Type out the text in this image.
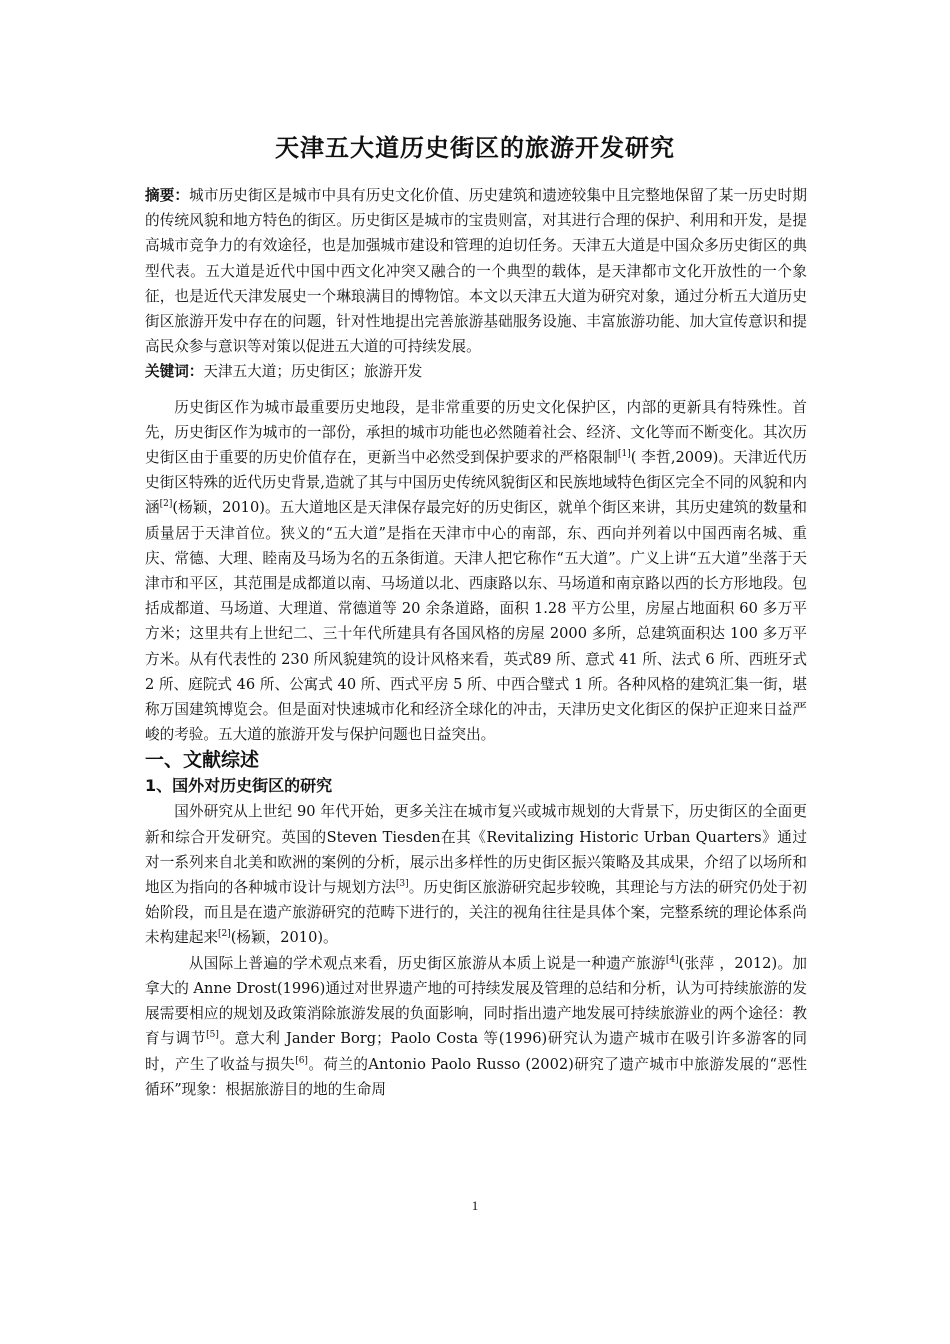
天津五大道历史街区的旅游开发研究

摘要：城市历史街区是城市中具有历史文化价值、历史建筑和遗迹较集中且完整地保留了某一历史时期的传统风貌和地方特色的街区。历史街区是城市的宝贵则富，对其进行合理的保护、利用和开发，是提高城市竞争力的有效途径，也是加强城市建设和管理的迫切任务。天津五大道是中国众多历史街区的典型代表。五大道是近代中国中西文化冲突又融合的一个典型的载体，是天津都市文化开放性的一个象征，也是近代天津发展史一个琳琅满目的博物馆。本文以天津五大道为研究对象，通过分析五大道历史街区旅游开发中存在的问题，针对性地提出完善旅游基础服务设施、丰富旅游功能、加大宣传意识和提高民众参与意识等对策以促进五大道的可持续发展。

关键词：天津五大道；历史街区；旅游开发

历史街区作为城市最重要历史地段，是非常重要的历史文化保护区，内部的更新具有特殊性。首先，历史街区作为城市的一部份，承担的城市功能也必然随着社会、经济、文化等而不断变化。其次历史街区由于重要的历史价值存在，更新当中必然受到保护要求的严格限制[1]( 李哲,2009)。天津近代历史街区特殊的近代历史背景,造就了其与中国历史传统风貌街区和民族地域特色街区完全不同的风貌和内涵[2](杨颖，2010)。五大道地区是天津保存最完好的历史街区，就单个街区来讲，其历史建筑的数量和质量居于天津首位。狭义的“五大道”是指在天津市中心的南部，东、西向并列着以中国西南名城、重庆、常德、大理、睦南及马场为名的五条街道。天津人把它称作“五大道”。广义上讲“五大道”坐落于天津市和平区，其范围是成都道以南、马场道以北、西康路以东、马场道和南京路以西的长方形地段。包括成都道、马场道、大理道、常德道等 20 余条道路，面积 1.28 平方公里，房屋占地面积 60 多万平方米；这里共有上世纪二、三十年代所建具有各国风格的房屋 2000 多所，总建筑面积达 100 多万平方米。从有代表性的 230 所风貌建筑的设计风格来看，英式89 所、意式 41 所、法式 6 所、西班牙式 2 所、庭院式 46 所、公寓式 40 所、西式平房 5 所、中西合璧式 1 所。各种风格的建筑汇集一街，堪称万国建筑博览会。但是面对快速城市化和经济全球化的冲击，天津历史文化街区的保护正迎来日益严峻的考验。五大道的旅游开发与保护问题也日益突出。

一、文献综述

1、国外对历史街区的研究

国外研究从上世纪 90 年代开始，更多关注在城市复兴或城市规划的大背景下，历史街区的全面更新和综合开发研究。英国的Steven Tiesden在其《Revitalizing Historic Urban Quarters》通过对一系列来自北美和欧洲的案例的分析，展示出多样性的历史街区振兴策略及其成果，介绍了以场所和地区为指向的各种城市设计与规划方法[3]。历史街区旅游研究起步较晚，其理论与方法的研究仍处于初始阶段，而且是在遗产旅游研究的范畴下进行的，关注的视角往往是具体个案，完整系统的理论体系尚未构建起来[2](杨颖，2010)。

从国际上普遍的学术观点来看，历史街区旅游从本质上说是一种遗产旅游[4](张萍 ，2012)。加拿大的 Anne Drost(1996)通过对世界遗产地的可持续发展及管理的总结和分析，认为可持续旅游的发展需要相应的规划及政策消除旅游发展的负面影响，同时指出遗产地发展可持续旅游业的两个途径：教育与调节[5]。意大利 Jander Borg；Paolo Costa 等(1996)研究认为遗产城市在吸引许多游客的同时，产生了收益与损失[6]。荷兰的Antonio Paolo Russo (2002)研究了遗产城市中旅游发展的“恶性循环”现象：根据旅游目的地的生命周

1
